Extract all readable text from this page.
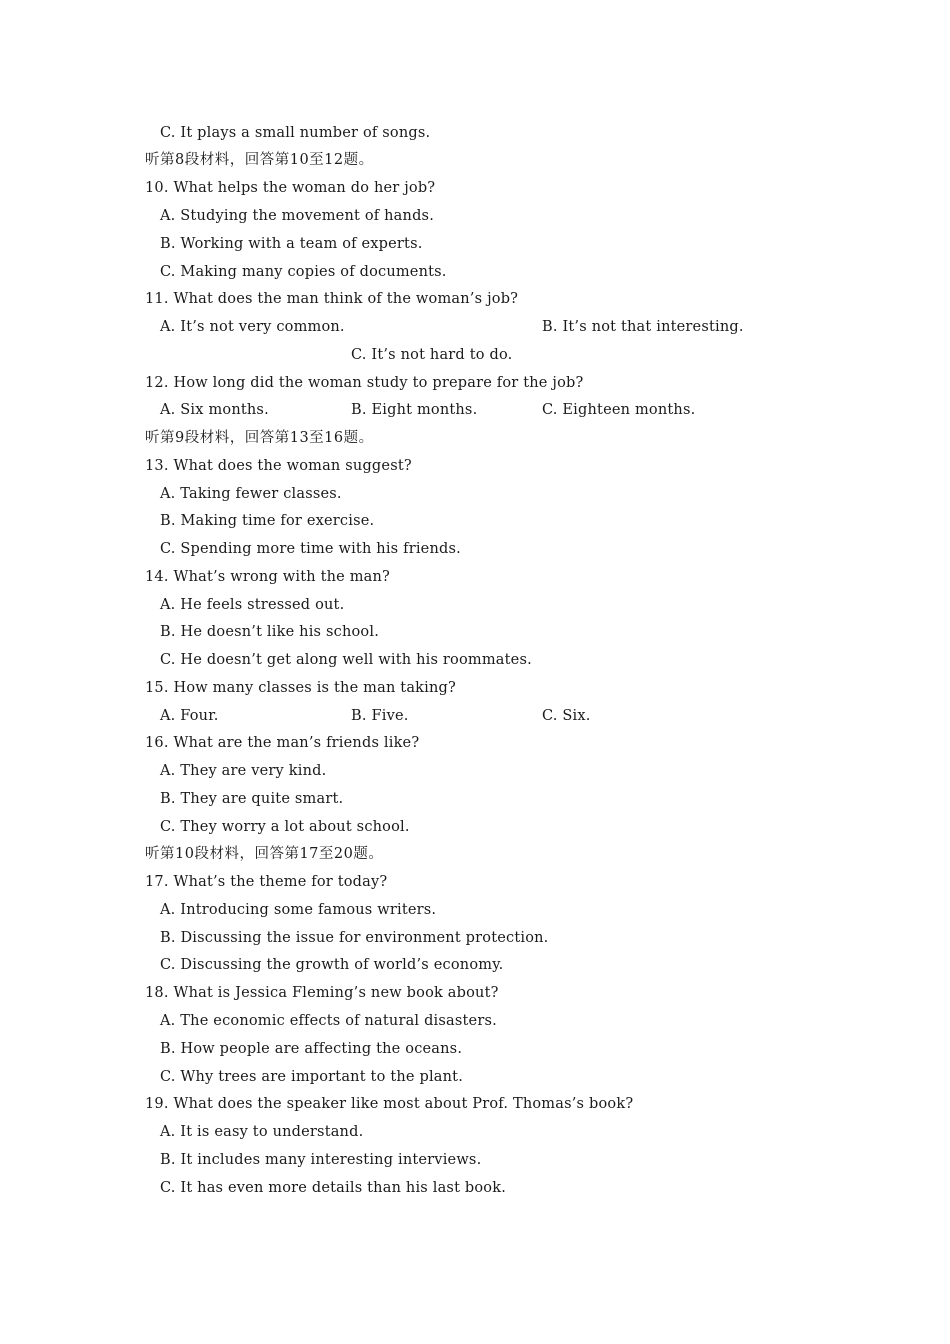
C. It plays a small number of songs.
听第8段材料，回答第10至12题。
10. What helps the woman do her job?
A. Studying the movement of hands.
B. Working with a team of experts.
C. Making many copies of documents.
11. What does the man think of the woman’s job?
A. It’s not very common.	B. It’s not that interesting.
C. It’s not hard to do.
12. How long did the woman study to prepare for the job?
A. Six months.	B. Eight months.	C. Eighteen months.
听第9段材料，回答第13至16题。
13. What does the woman suggest?
A. Taking fewer classes.
B. Making time for exercise.
C. Spending more time with his friends.
14. What’s wrong with the man?
A. He feels stressed out.
B. He doesn’t like his school.
C. He doesn’t get along well with his roommates.
15. How many classes is the man taking?
A. Four.	B. Five.	C. Six.
16. What are the man’s friends like?
A. They are very kind.
B. They are quite smart.
C. They worry a lot about school.
听第10段材料，回答第17至20题。
17. What’s the theme for today?
A. Introducing some famous writers.
B. Discussing the issue for environment protection.
C. Discussing the growth of world’s economy.
18. What is Jessica Fleming’s new book about?
A. The economic effects of natural disasters.
B. How people are affecting the oceans.
C. Why trees are important to the plant.
19. What does the speaker like most about Prof. Thomas’s book?
A. It is easy to understand.
B. It includes many interesting interviews.
C. It has even more details than his last book.
